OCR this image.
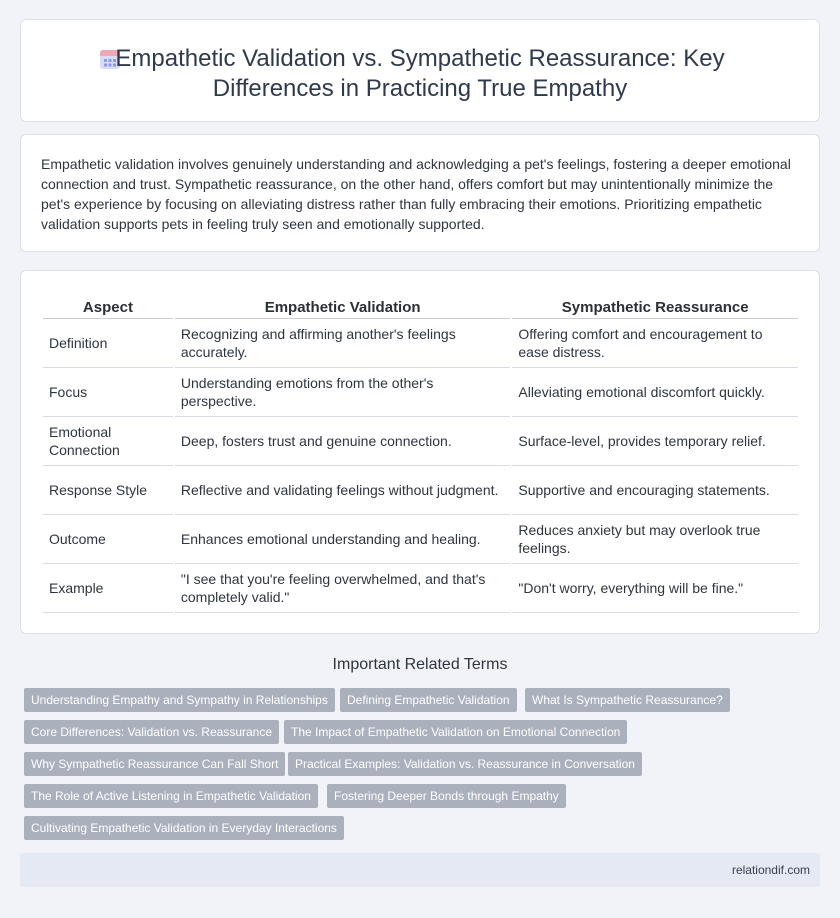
Empathetic Validation vs. Sympathetic Reassurance: Key Differences in Practicing True Empathy

Empathetic validation involves genuinely understanding and acknowledging a pet's feelings, fostering a deeper emotional connection and trust. Sympathetic reassurance, on the other hand, offers comfort but may unintentionally minimize the pet's experience by focusing on alleviating distress rather than fully embracing their emotions. Prioritizing empathetic validation supports pets in feeling truly seen and emotionally supported.

Aspect	Empathetic Validation	Sympathetic Reassurance
Definition	Recognizing and affirming another's feelings accurately.	Offering comfort and encouragement to ease distress.
Focus	Understanding emotions from the other's perspective.	Alleviating emotional discomfort quickly.
Emotional Connection	Deep, fosters trust and genuine connection.	Surface-level, provides temporary relief.
Response Style	Reflective and validating feelings without judgment.	Supportive and encouraging statements.
Outcome	Enhances emotional understanding and healing.	Reduces anxiety but may overlook true feelings.
Example	"I see that you're feeling overwhelmed, and that's completely valid."	"Don't worry, everything will be fine."
Important Related Terms
Understanding Empathy and Sympathy in Relationships	Defining Empathetic Validation	What Is Sympathetic Reassurance?
Core Differences: Validation vs. Reassurance	The Impact of Empathetic Validation on Emotional Connection
Why Sympathetic Reassurance Can Fall Short	Practical Examples: Validation vs. Reassurance in Conversation
The Role of Active Listening in Empathetic Validation	Fostering Deeper Bonds through Empathy
Cultivating Empathetic Validation in Everyday Interactions
relationdif.com
